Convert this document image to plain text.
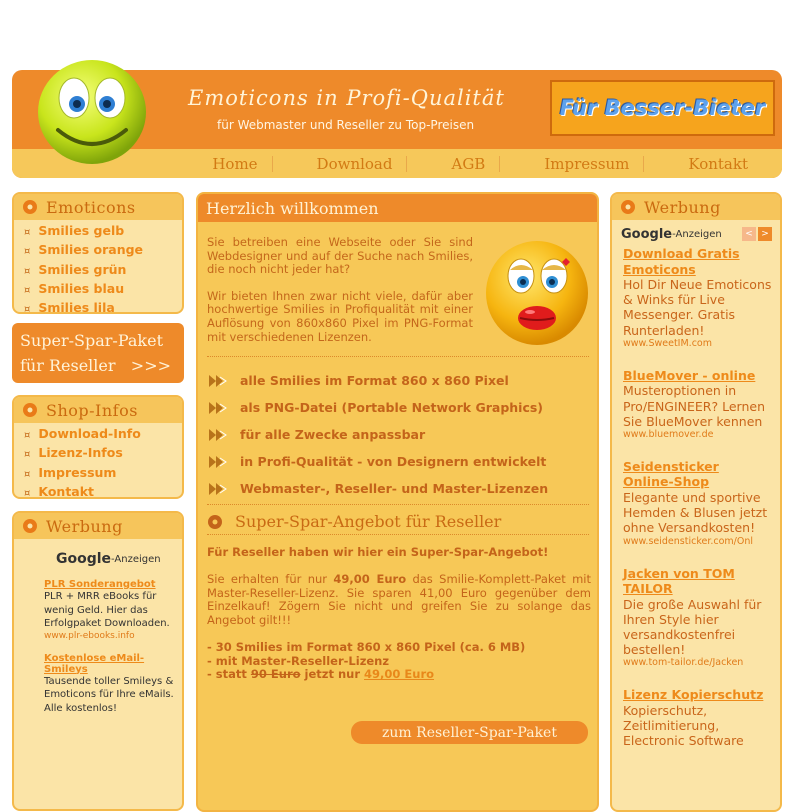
Emoticons in Profi-Qualität
für Webmaster und Reseller zu Top-Preisen
Für Besser-Bieter
Home	Download	AGB	Impressum	Kontakt
Emoticons
¤ Smilies gelb
¤ Smilies orange
¤ Smilies grün
¤ Smilies blau
¤ Smilies lila
Super-Spar-Paket
für Reseller >>>
Shop-Infos
¤ Download-Info
¤ Lizenz-Infos
¤ Impressum
¤ Kontakt
Werbung
Google -Anzeigen
PLR Sonderangebot
PLR + MRR eBooks für wenig Geld. Hier das Erfolgpaket Downloaden.
www.plr-ebooks.info
Kostenlose eMail-Smileys
Tausende toller Smileys & Emoticons für Ihre eMails. Alle kostenlos!
Herzlich willkommen

Sie betreiben eine Webseite oder Sie sind Webdesigner und auf der Suche nach Smilies, die noch nicht jeder hat?

Wir bieten Ihnen zwar nicht viele, dafür aber hochwertige Smilies in Profiqualität mit einer Auflösung von 860x860 Pixel im PNG-Format mit verschiedenen Lizenzen.

alle Smilies im Format 860 x 860 Pixel
als PNG-Datei (Portable Network Graphics)
für alle Zwecke anpassbar
in Profi-Qualität - von Designern entwickelt
Webmaster-, Reseller- und Master-Lizenzen
Super-Spar-Angebot für Reseller
Für Reseller haben wir hier ein Super-Spar-Angebot!
Sie erhalten für nur 49,00 Euro das Smilie-Komplett-Paket mit Master-Reseller-Lizenz. Sie sparen 41,00 Euro gegenüber dem Einzelkauf! Zögern Sie nicht und greifen Sie zu solange das Angebot gilt!!!
- 30 Smilies im Format 860 x 860 Pixel (ca. 6 MB)
- mit Master-Reseller-Lizenz
- statt 90 Euro jetzt nur 49,00 Euro
zum Reseller-Spar-Paket
Werbung
Google -Anzeigen	< >
Download Gratis Emoticons
Hol Dir Neue Emoticons & Winks für Live Messenger. Gratis Runterladen!
www.SweetIM.com
BlueMover - online
Musteroptionen in Pro/ENGINEER? Lernen Sie BlueMover kennen
www.bluemover.de
Seidensticker Online-Shop
Elegante und sportive Hemden & Blusen jetzt ohne Versandkosten!
www.seidensticker.com/Onl
Jacken von TOM TAILOR
Die große Auswahl für Ihren Style hier versandkostenfrei bestellen!
www.tom-tailor.de/Jacken
Lizenz Kopierschutz
Kopierschutz, Zeitlimitierung, Electronic Software
